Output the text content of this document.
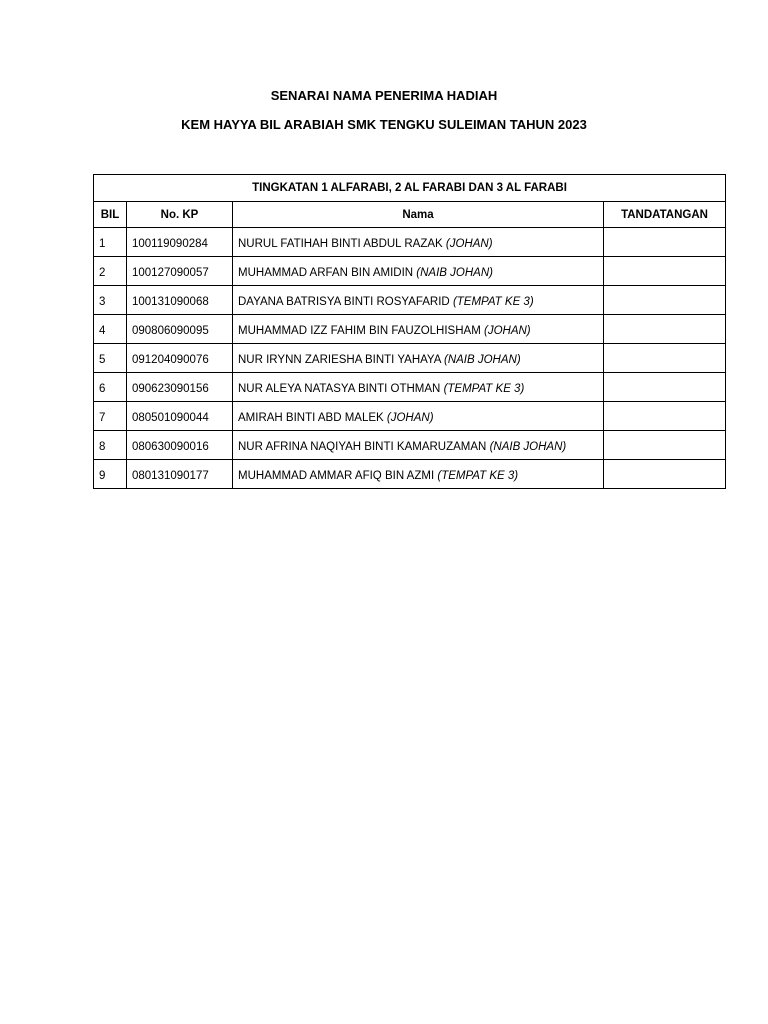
SENARAI NAMA PENERIMA HADIAH
KEM HAYYA BIL ARABIAH SMK TENGKU SULEIMAN TAHUN 2023
TINGKATAN 1 ALFARABI, 2 AL FARABI DAN 3 AL FARABI			
BIL	No. KP	Nama	TANDATANGAN
1	100119090284	NURUL FATIHAH BINTI ABDUL RAZAK (JOHAN)	
2	100127090057	MUHAMMAD ARFAN BIN AMIDIN (NAIB JOHAN)	
3	100131090068	DAYANA BATRISYA BINTI ROSYAFARID (TEMPAT KE 3)	
4	090806090095	MUHAMMAD IZZ FAHIM BIN FAUZOLHISHAM (JOHAN)	
5	091204090076	NUR IRYNN ZARIESHA BINTI YAHAYA (NAIB JOHAN)	
6	090623090156	NUR ALEYA NATASYA BINTI OTHMAN (TEMPAT KE 3)	
7	080501090044	AMIRAH BINTI ABD MALEK (JOHAN)	
8	080630090016	NUR AFRINA NAQIYAH BINTI KAMARUZAMAN (NAIB JOHAN)	
9	080131090177	MUHAMMAD AMMAR AFIQ BIN AZMI (TEMPAT KE 3)	
